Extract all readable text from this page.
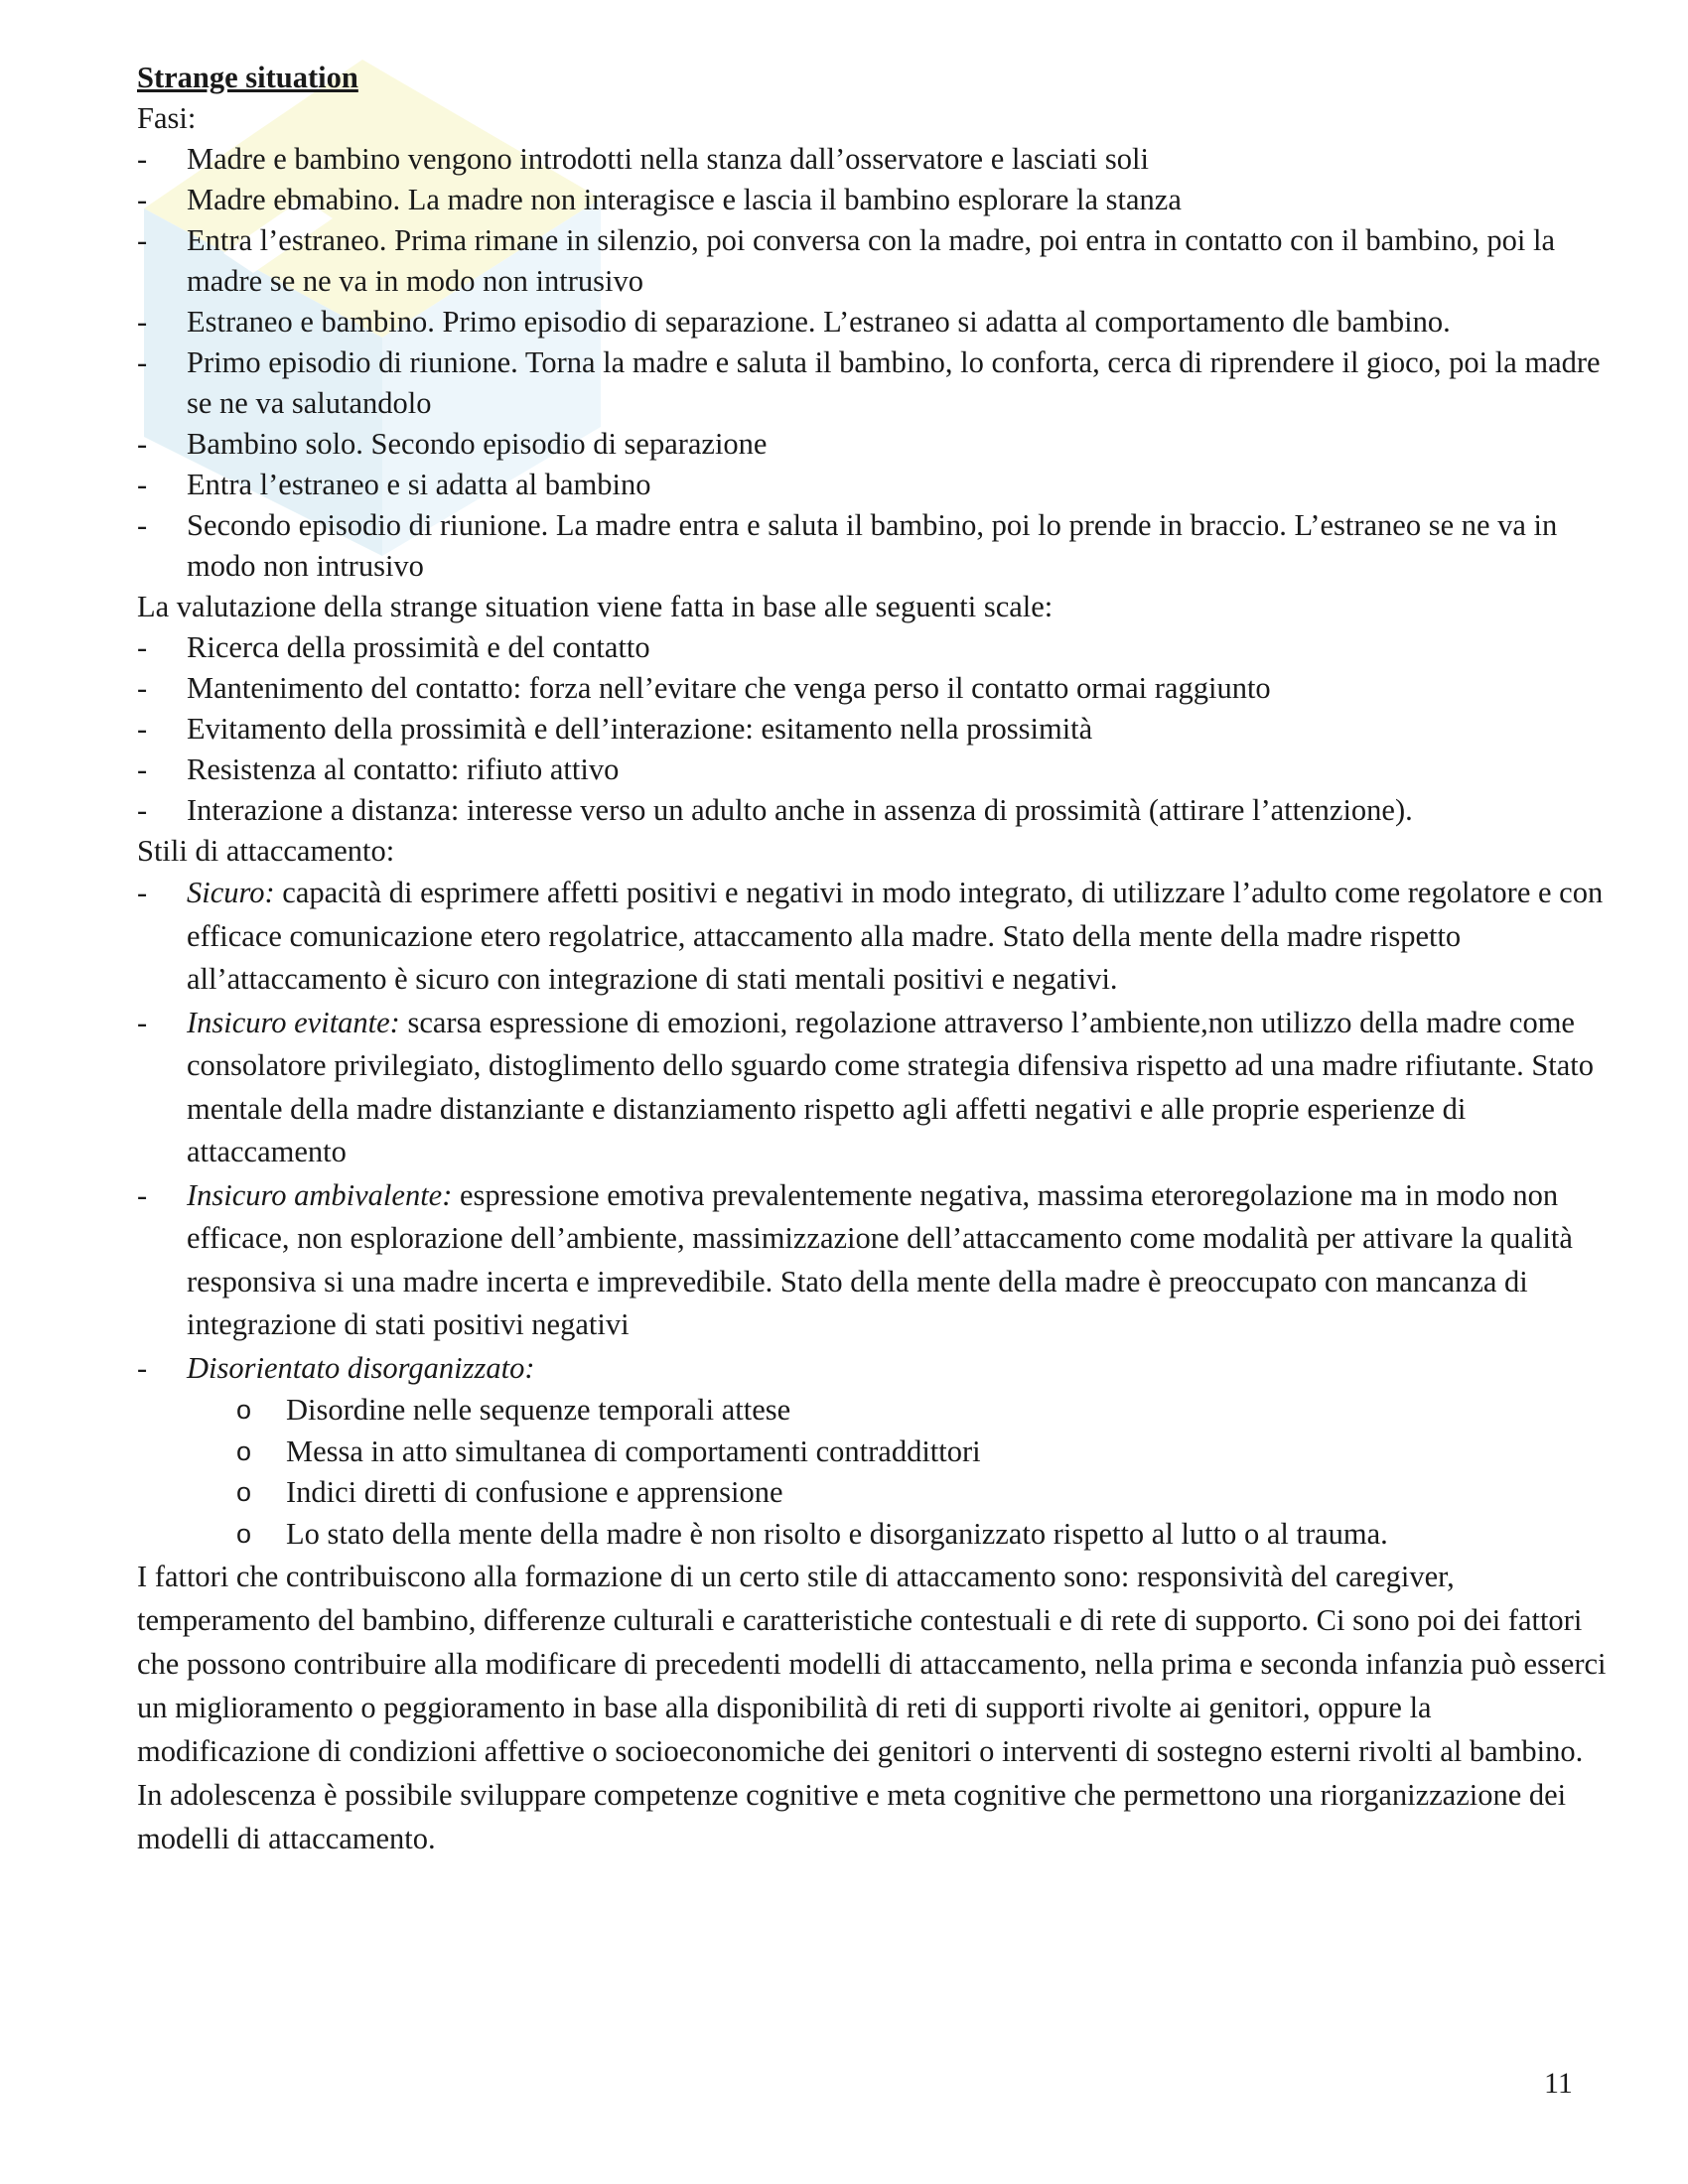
Strange situation

Fasi:

- Madre e bambino vengono introdotti nella stanza dall’osservatore e lasciati soli
- Madre ebmabino. La madre non interagisce e lascia il bambino esplorare la stanza
- Entra l’estraneo. Prima rimane in silenzio, poi conversa con la madre, poi entra in contatto con il bambino, poi la madre se ne va in modo non intrusivo
- Estraneo e bambino. Primo episodio di separazione. L’estraneo si adatta al comportamento dle bambino.
- Primo episodio di riunione. Torna la madre e saluta il bambino, lo conforta, cerca di riprendere il gioco, poi la madre se ne va salutandolo
- Bambino solo. Secondo episodio di separazione
- Entra l’estraneo e si adatta al bambino
- Secondo episodio di riunione. La madre entra e saluta il bambino, poi lo prende in braccio. L’estraneo se ne va in modo non intrusivo

La valutazione della strange situation viene fatta in base alle seguenti scale:

- Ricerca della prossimità e del contatto
- Mantenimento del contatto: forza nell’evitare che venga perso il contatto ormai raggiunto
- Evitamento della prossimità e dell’interazione: esitamento nella prossimità
- Resistenza al contatto: rifiuto attivo
- Interazione a distanza: interesse verso un adulto anche in assenza di prossimità (attirare l’attenzione).

Stili di attaccamento:

- Sicuro: capacità di esprimere affetti positivi e negativi in modo integrato, di utilizzare l’adulto come regolatore e con efficace comunicazione etero regolatrice, attaccamento alla madre. Stato della mente della madre rispetto all’attaccamento è sicuro con integrazione di stati mentali positivi e negativi.
- Insicuro evitante: scarsa espressione di emozioni, regolazione attraverso l’ambiente,non utilizzo della madre come consolatore privilegiato, distoglimento dello sguardo come strategia difensiva rispetto ad una madre rifiutante. Stato mentale della madre distanziante e distanziamento rispetto agli affetti negativi e alle proprie esperienze di attaccamento
- Insicuro ambivalente: espressione emotiva prevalentemente negativa, massima eteroregolazione ma in modo non efficace, non esplorazione dell’ambiente, massimizzazione dell’attaccamento come modalità per attivare la qualità responsiva si una madre incerta e imprevedibile. Stato della mente della madre è preoccupato con mancanza di integrazione di stati positivi negativi
- Disorientato disorganizzato:
o Disordine nelle sequenze temporali attese
o Messa in atto simultanea di comportamenti contraddittori
o Indici diretti di confusione e apprensione
o Lo stato della mente della madre è non risolto e disorganizzato rispetto al lutto o al trauma.

I fattori che contribuiscono alla formazione di un certo stile di attaccamento sono: responsività del caregiver, temperamento del bambino, differenze culturali e caratteristiche contestuali e di rete di supporto. Ci sono poi dei fattori che possono contribuire alla modificare di precedenti modelli di attaccamento, nella prima e seconda infanzia può esserci un miglioramento o peggioramento in base alla disponibilità di reti di supporti rivolte ai genitori, oppure la modificazione di condizioni affettive o socioeconomiche dei genitori o interventi di sostegno esterni rivolti al bambino. In adolescenza è possibile sviluppare competenze cognitive e meta cognitive che permettono una riorganizzazione dei modelli di attaccamento.

11
